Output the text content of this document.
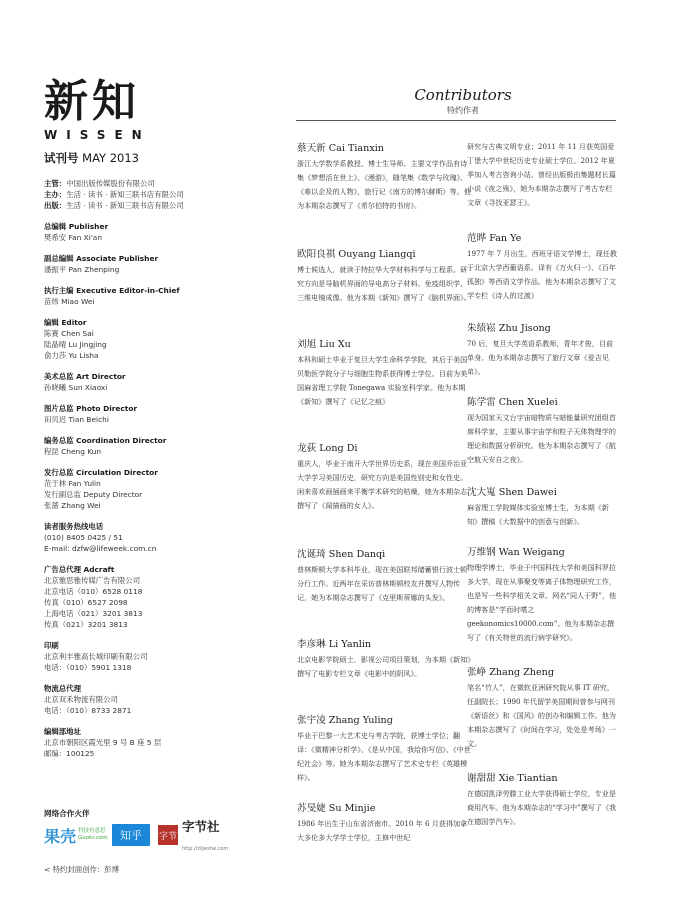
新知
WISSEN
试刊号 MAY 2013
主管：中国出版传媒股份有限公司
主办：生活 · 读书 · 新知三联书店有限公司
出版：生活 · 读书 · 新知三联书店有限公司
总编辑 Publisher
樊希安 Fan Xi'an
副总编辑 Associate Publisher
潘振平 Pan Zhenping
执行主编 Executive Editor-in-Chief
苗炜 Miao Wei
编辑 Editor
陈赛 Chen Sai
陆晶晴 Lu Jingjing
俞力莎 Yu Lisha
美术总监 Art Director
孙晓曦 Sun Xiaoxi
图片总监 Photo Director
田贝迟 Tian Beichi
编务总监 Coordination Director
程昆 Cheng Kun
发行总监 Circulation Director
范于林 Fan Yulin
发行副总监 Deputy Director
张蔷 Zhang Wei
读者服务热线电话
(010) 8405 0425 / 51
E-mail: dzfw@lifeweek.com.cn
广告总代理 Adcraft
北京雅思雅传媒广告有限公司
北京电话（010）6528 0118
传真（010）6527 2098
上海电话（021）3201 3813
传真（021）3201 3813
印刷
北京利丰雅高长城印刷有限公司
电话：（010）5901 1318
物流总代理
北京双禾物流有限公司
电话：（010）8733 2871
编辑部地址
北京市朝阳区霞光里 9 号 B 座 5 层
邮编：100125
网络合作火伴
果壳 科技有意思
Guokr.com	知乎	字节
字节社
http://zijieshe.com
< 特约封面创作：彭博
Contributors
特约作者
蔡天新 Cai Tianxin
浙江大学数学系教授、博士生导师。主要文学作品有诗集《梦想活在世上》、《漫游》，随笔集《数学与玫瑰》、《难以企及的人物》，旅行记《南方的博尔赫斯》等。他为本期杂志撰写了《希尔伯特的书房》。
欧阳良祺 Ouyang Liangqi
博士候选人，就读于特拉华大学材料科学与工程系。研究方向是导脑机界面的导电高分子材料、免疫组织学、三维电镜成像。他为本期《新知》撰写了《脑机界面》。
刘旭 Liu Xu
本科和硕士毕业于复旦大学生命科学学院，其后于美国贝勒医学院分子与细胞生物系获得博士学位。目前为美国麻省理工学院 Tonegawa 实验室科学家。他为本期《新知》撰写了《记忆之痕》
龙荻 Long Di
重庆人，毕业于南开大学世界历史系，现在美国乔治亚大学学习美国历史，研究方向是美国性别史和女性史。闲来喜欢画插画来平衡学术研究的枯燥，她为本期杂志撰写了《闻描画的女人》。
沈诞琦 Shen Danqi
普林斯顿大学本科毕业，现在美国联邦储蓄银行波士顿分行工作。近两年在采访普林斯顿校友并撰写人物传记，她为本期杂志撰写了《克里斯蒂娜的头发》。
李彦琳 Li Yanlin
北京电影学院硕士，影视公司项目策划，为本期《新知》撰写了电影专栏文章《电影中的阴风》。
张宇凌 Zhang Yuling
毕业于巴黎一大艺术史与考古学院，获博士学位；翻译：《微精神分析学》、《是从中国，我给你写信》、《中世纪社会》等。她为本期杂志撰写了艺术史专栏《英雄模样》。
苏旻婕 Su Minjie
1986 年出生于山东省济南市。2010 年 6 月获得加拿大多伦多大学学士学位，主修中世纪
研究与古典文明专业；2011 年 11 月获英国爱丁堡大学中世纪历史专业硕士学位。2012 年夏季加入考古咨询小站。曾经出版极由集题材长篇小说《夜之殇》，她为本期杂志撰写了考古专栏文章《寻找亚瑟王》。
范晔 Fan Ye
1977 年 7 月出生，西班牙语文学博士，现任教于北京大学西葡语系。译有《万火归一》、《百年孤独》等西语文学作品。他为本期杂志撰写了文学专栏《诗人的过渡》
朱绩崧 Zhu Jisong
70 后，复旦大学英语系教师，青年才俊，目前单身。他为本期杂志撰写了旅行文章《爱吉见弟》。
陈学雷 Chen Xuelei
现为国家天文台宇宙暗物质与暗能量研究团组首席科学家，主要从事宇宙学和粒子天体物理学的理论和数据分析研究。他为本期杂志撰写了《航空航天安自之夜》。
沈大嵬 Shen Dawei
麻省理工学院媒体实验室博士生，为本期《新知》撰稿《大数据中的创意与创新》。
万维钢 Wan Weigang
物理学博士，毕业于中国科技大学和美国科罗拉多大学，现在从事聚变等离子体物理研究工作，也是写一些科学相关文章。网名“同人于野”，他的博客是“学而时嗜之 geekonomics10000.com”。他为本期杂志撰写了《有关特世的流行病学研究》。
张峥 Zhang Zheng
笔名“竹人”，在微软亚洲研究院从事 IT 研究，任副院长；1990 年代留学美国期间曾参与网刊《新语丝》和《国风》的创办和编辑工作。他为本期杂志撰写了《时间在学习，处处是考场》一文。
谢甜甜 Xie Tiantian
在德国凯泽劳滕工业大学获得硕士学位，专业是商用汽车。他为本期杂志的“学习中”撰写了《我在德国学汽车》。
